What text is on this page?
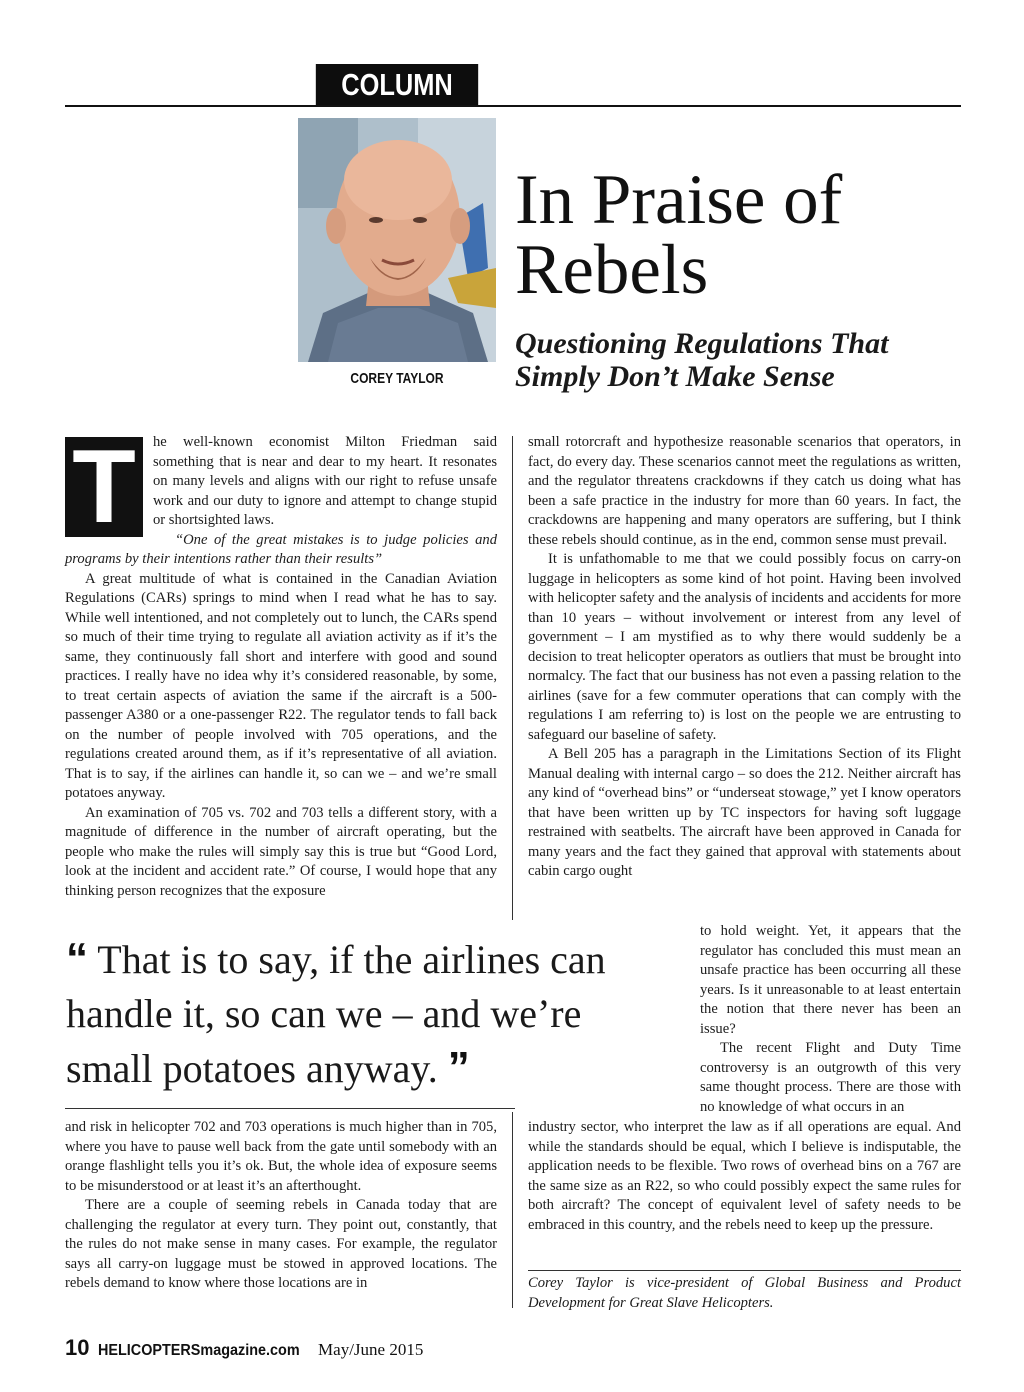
COLUMN
COREY TAYLOR
In Praise of Rebels
Questioning Regulations That Simply Don’t Make Sense
T	he well-known economist Milton Friedman said something that is near and dear to my heart. It resonates on many levels and aligns with our right to refuse unsafe work and our duty to ignore and attempt to change stupid or shortsighted laws.

“One of the great mistakes is to judge policies and programs by their intentions rather than their results”

A great multitude of what is contained in the Canadian Aviation Regulations (CARs) springs to mind when I read what he has to say. While well intentioned, and not completely out to lunch, the CARs spend so much of their time trying to regulate all aviation activity as if it’s the same, they continuously fall short and interfere with good and sound practices. I really have no idea why it’s considered reasonable, by some, to treat certain aspects of aviation the same if the aircraft is a 500-passenger A380 or a one-passenger R22. The regulator tends to fall back on the number of people involved with 705 operations, and the regulations created around them, as if it’s representative of all aviation. That is to say, if the airlines can handle it, so can we – and we’re small potatoes anyway.

An examination of 705 vs. 702 and 703 tells a different story, with a magnitude of difference in the number of aircraft operating, but the people who make the rules will simply say this is true but “Good Lord, look at the incident and accident rate.” Of course, I would hope that any thinking person recognizes that the exposure

small rotorcraft and hypothesize reasonable scenarios that operators, in fact, do every day. These scenarios cannot meet the regulations as written, and the regulator threatens crackdowns if they catch us doing what has been a safe practice in the industry for more than 60 years. In fact, the crackdowns are happening and many operators are suffering, but I think these rebels should continue, as in the end, common sense must prevail.

It is unfathomable to me that we could possibly focus on carry-on luggage in helicopters as some kind of hot point. Having been involved with helicopter safety and the analysis of incidents and accidents for more than 10 years – without involvement or interest from any level of government – I am mystified as to why there would suddenly be a decision to treat helicopter operators as outliers that must be brought into normalcy. The fact that our business has not even a passing relation to the airlines (save for a few commuter operations that can comply with the regulations I am referring to) is lost on the people we are entrusting to safeguard our baseline of safety.

A Bell 205 has a paragraph in the Limitations Section of its Flight Manual dealing with internal cargo – so does the 212. Neither aircraft has any kind of “overhead bins” or “underseat stowage,” yet I know operators that have been written up by TC inspectors for having soft luggage restrained with seatbelts. The aircraft have been approved in Canada for many years and the fact they gained that approval with statements about cabin cargo ought

to hold weight. Yet, it appears that the regulator has concluded this must mean an unsafe practice has been occurring all these years. Is it unreasonable to at least entertain the notion that there never has been an issue?

The recent Flight and Duty Time controversy is an outgrowth of this very same thought process. There are those with no knowledge of what occurs in an

“ That is to say, if the airlines can handle it, so can we – and we’re small potatoes anyway. ”

and risk in helicopter 702 and 703 operations is much higher than in 705, where you have to pause well back from the gate until somebody with an orange flashlight tells you it’s ok. But, the whole idea of exposure seems to be misunderstood or at least it’s an afterthought.

There are a couple of seeming rebels in Canada today that are challenging the regulator at every turn. They point out, constantly, that the rules do not make sense in many cases. For example, the regulator says all carry-on luggage must be stowed in approved locations. The rebels demand to know where those locations are in

industry sector, who interpret the law as if all operations are equal. And while the standards should be equal, which I believe is indisputable, the application needs to be flexible. Two rows of overhead bins on a 767 are the same size as an R22, so who could possibly expect the same rules for both aircraft? The concept of equivalent level of safety needs to be embraced in this country, and the rebels need to keep up the pressure.

Corey Taylor is vice-president of Global Business and Product Development for Great Slave Helicopters.

10 HELICOPTERSmagazine.com May/June 2015
